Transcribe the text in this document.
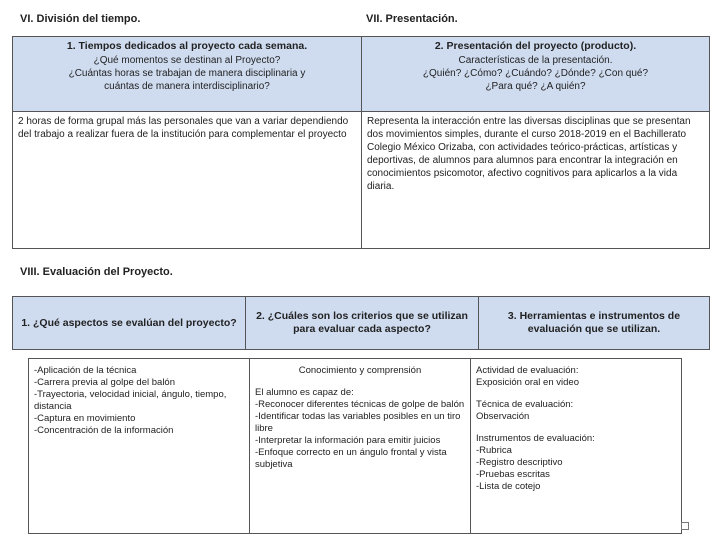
VI. División del tiempo.	VII. Presentación.
1. Tiempos dedicados al proyecto cada semana.
¿Qué momentos se destinan al Proyecto?
¿Cuántas horas se trabajan de manera disciplinaria y
cuántas de manera interdisciplinario?	2. Presentación del proyecto (producto).
Características de la presentación.
¿Quién? ¿Cómo? ¿Cuándo? ¿Dónde? ¿Con qué?
¿Para qué? ¿A quién?

2 horas de forma grupal más las personales que van a variar dependiendo del trabajo a realizar fuera de la institución para complementar el proyecto	Representa la interacción entre las diversas disciplinas que se presentan dos movimientos simples, durante el curso 2018-2019 en el Bachillerato Colegio México Orizaba, con actividades teórico-prácticas, artísticas y deportivas, de alumnos para alumnos para encontrar la integración en conocimientos psicomotor, afectivo cognitivos para aplicarlos a la vida diaria.
VIII. Evaluación del Proyecto.
1. ¿Qué aspectos se evalúan del proyecto?	2. ¿Cuáles son los criterios que se utilizan para evaluar cada aspecto?	3. Herramientas e instrumentos de evaluación que se utilizan.
-Aplicación de la técnica
-Carrera previa al golpe del balón
-Trayectoria, velocidad inicial, ángulo, tiempo, distancia
-Captura en movimiento
-Concentración de la información

Conocimiento y comprensión
El alumno es capaz de:
-Reconocer diferentes técnicas de golpe de balón
-Identificar todas las variables posibles en un tiro libre
-Interpretar la información para emitir juicios
-Enfoque correcto en un ángulo frontal y vista subjetiva

Actividad de evaluación:
Exposición oral en video
Técnica de evaluación:
Observación
Instrumentos de evaluación:
-Rubrica
-Registro descriptivo
-Pruebas escritas
-Lista de cotejo
